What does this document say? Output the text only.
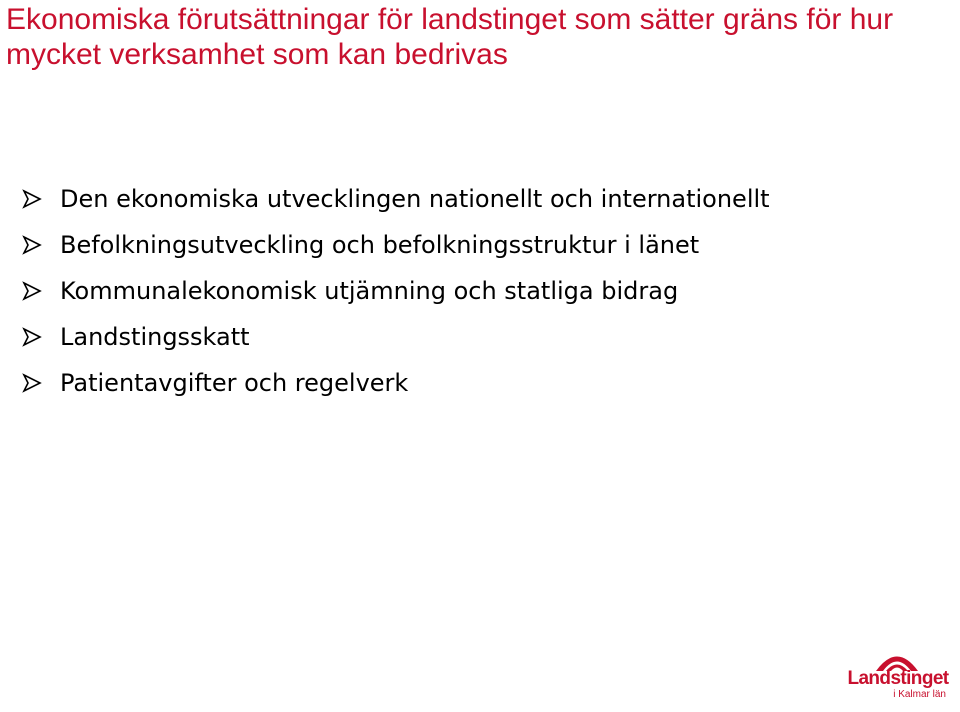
Ekonomiska förutsättningar för landstinget som sätter gräns för hur mycket verksamhet som kan bedrivas
Den ekonomiska utvecklingen nationellt och internationellt
Befolkningsutveckling och befolkningsstruktur i länet
Kommunalekonomisk utjämning och statliga bidrag
Landstingsskatt
Patientavgifter och regelverk
Landstinget
i Kalmar län
